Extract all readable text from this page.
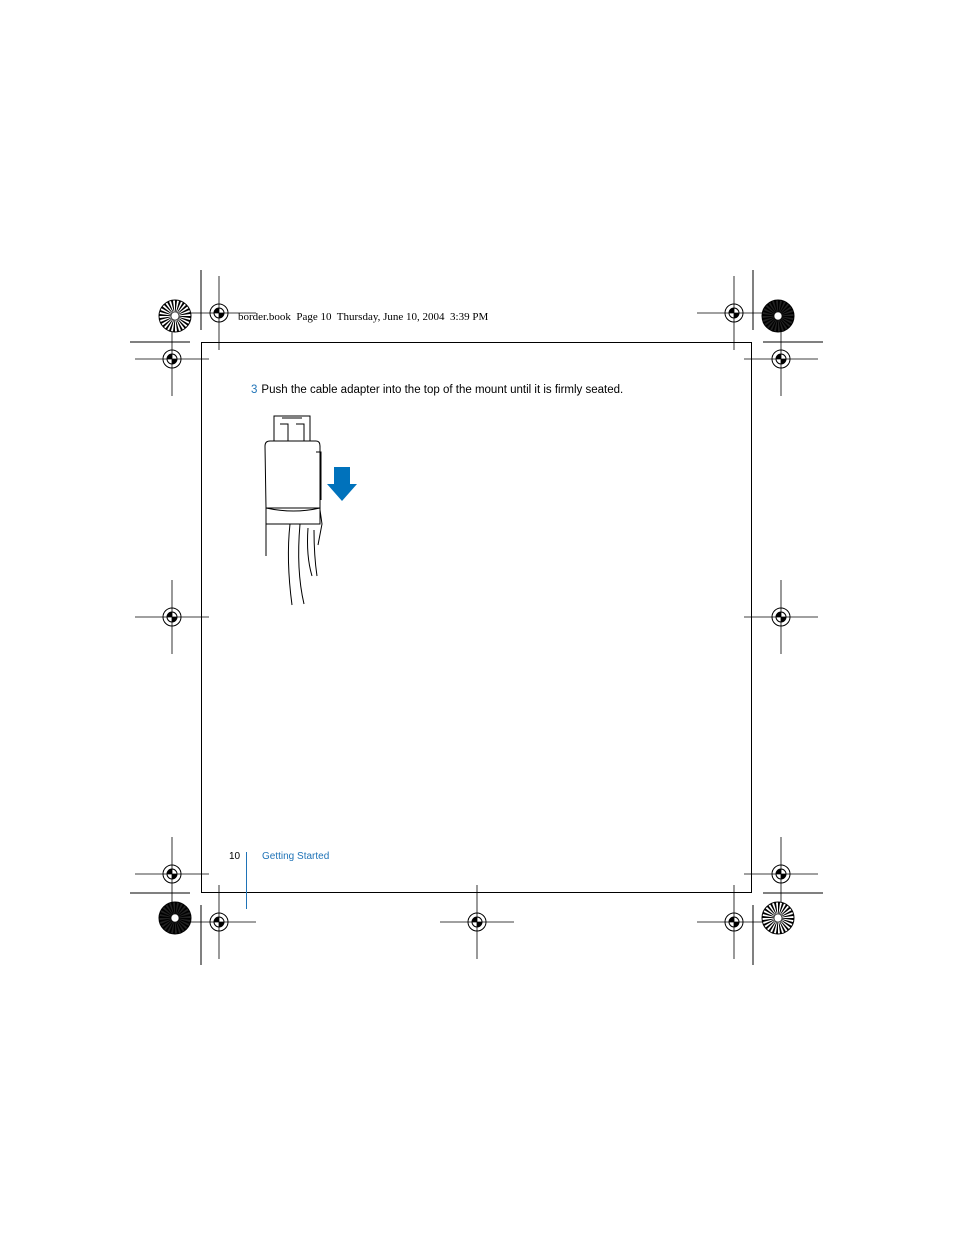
border.book  Page 10  Thursday, June 10, 2004  3:39 PM
3 Push the cable adapter into the top of the mount until it is firmly seated.
10 Getting Started
